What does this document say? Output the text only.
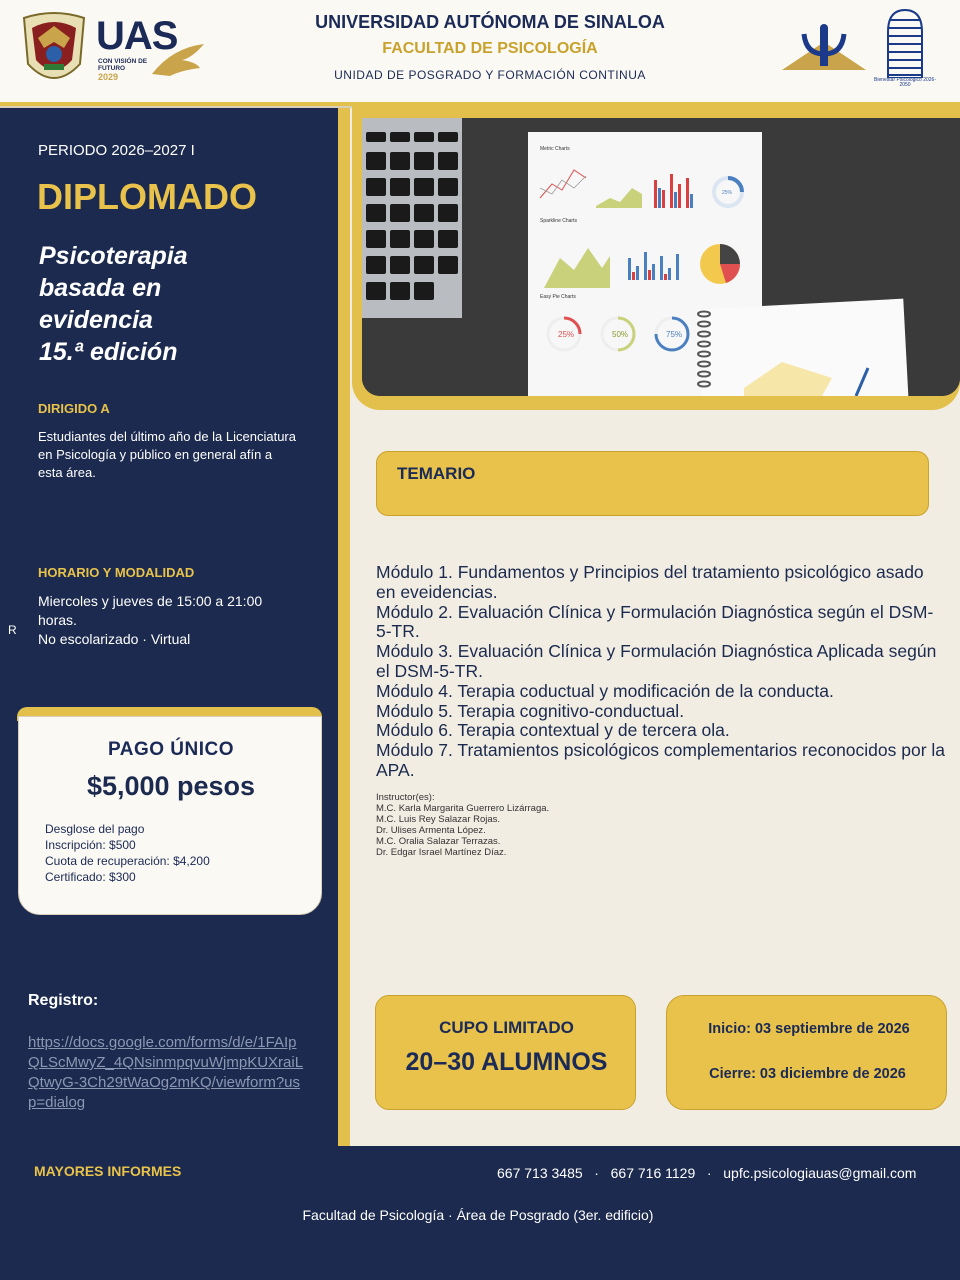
UAS
CON VISIÓN DE FUTURO
2029
UNIVERSIDAD AUTÓNOMA DE SINALOA
FACULTAD DE PSICOLOGÍA
UNIDAD DE POSGRADO Y FORMACIÓN CONTINUA	Bienestar Psicológico 2026-2050
PERIODO 2026–2027 I
DIPLOMADO
Psicoterapia
basada en
evidencia
15.ª edición
DIRIGIDO A
Estudiantes del último año de la Licenciatura en Psicología y público en general afín a esta área.
HORARIO Y MODALIDAD
Miercoles y jueves de 15:00 a 21:00 horas.
No escolarizado · Virtual
R
PAGO ÚNICO
$5,000 pesos
Desglose del pago
Inscripción: $500
Cuota de recuperación: $4,200
Certificado: $300
Registro:
https://docs.google.com/forms/d/e/1FAIpQLScMwyZ_4QNsinmpqvuWjmpKUXraiLQtwyG-3Ch29tWaOg2mKQ/viewform?usp=dialog
Metric Charts
25%
Sparkline Charts
Easy Pie Charts
25%	50%	75%
TEMARIO
Módulo 1. Fundamentos y Principios del tratamiento psicológico asado en eveidencias.
Módulo 2. Evaluación Clínica y Formulación Diagnóstica según el DSM-5-TR.
Módulo 3. Evaluación Clínica y Formulación Diagnóstica Aplicada según el DSM-5-TR.
Módulo 4. Terapia coductual y modificación de la conducta.
Módulo 5. Terapia cognitivo-conductual.
Módulo 6. Terapia contextual y de tercera ola.
Módulo 7. Tratamientos psicológicos complementarios reconocidos por la APA.
Instructor(es):
M.C. Karla Margarita Guerrero Lizárraga.
M.C. Luis Rey Salazar Rojas.
Dr. Ulises Armenta López.
M.C. Oralia Salazar Terrazas.
Dr. Edgar Israel Martínez Díaz.
CUPO LIMITADO
20–30 ALUMNOS
Inicio: 03 septiembre de 2026
Cierre: 03 diciembre de 2026
MAYORES INFORMES	667 713 3485   ·   667 716 1129   ·   upfc.psicologiauas@gmail.com
Facultad de Psicología · Área de Posgrado (3er. edificio)
